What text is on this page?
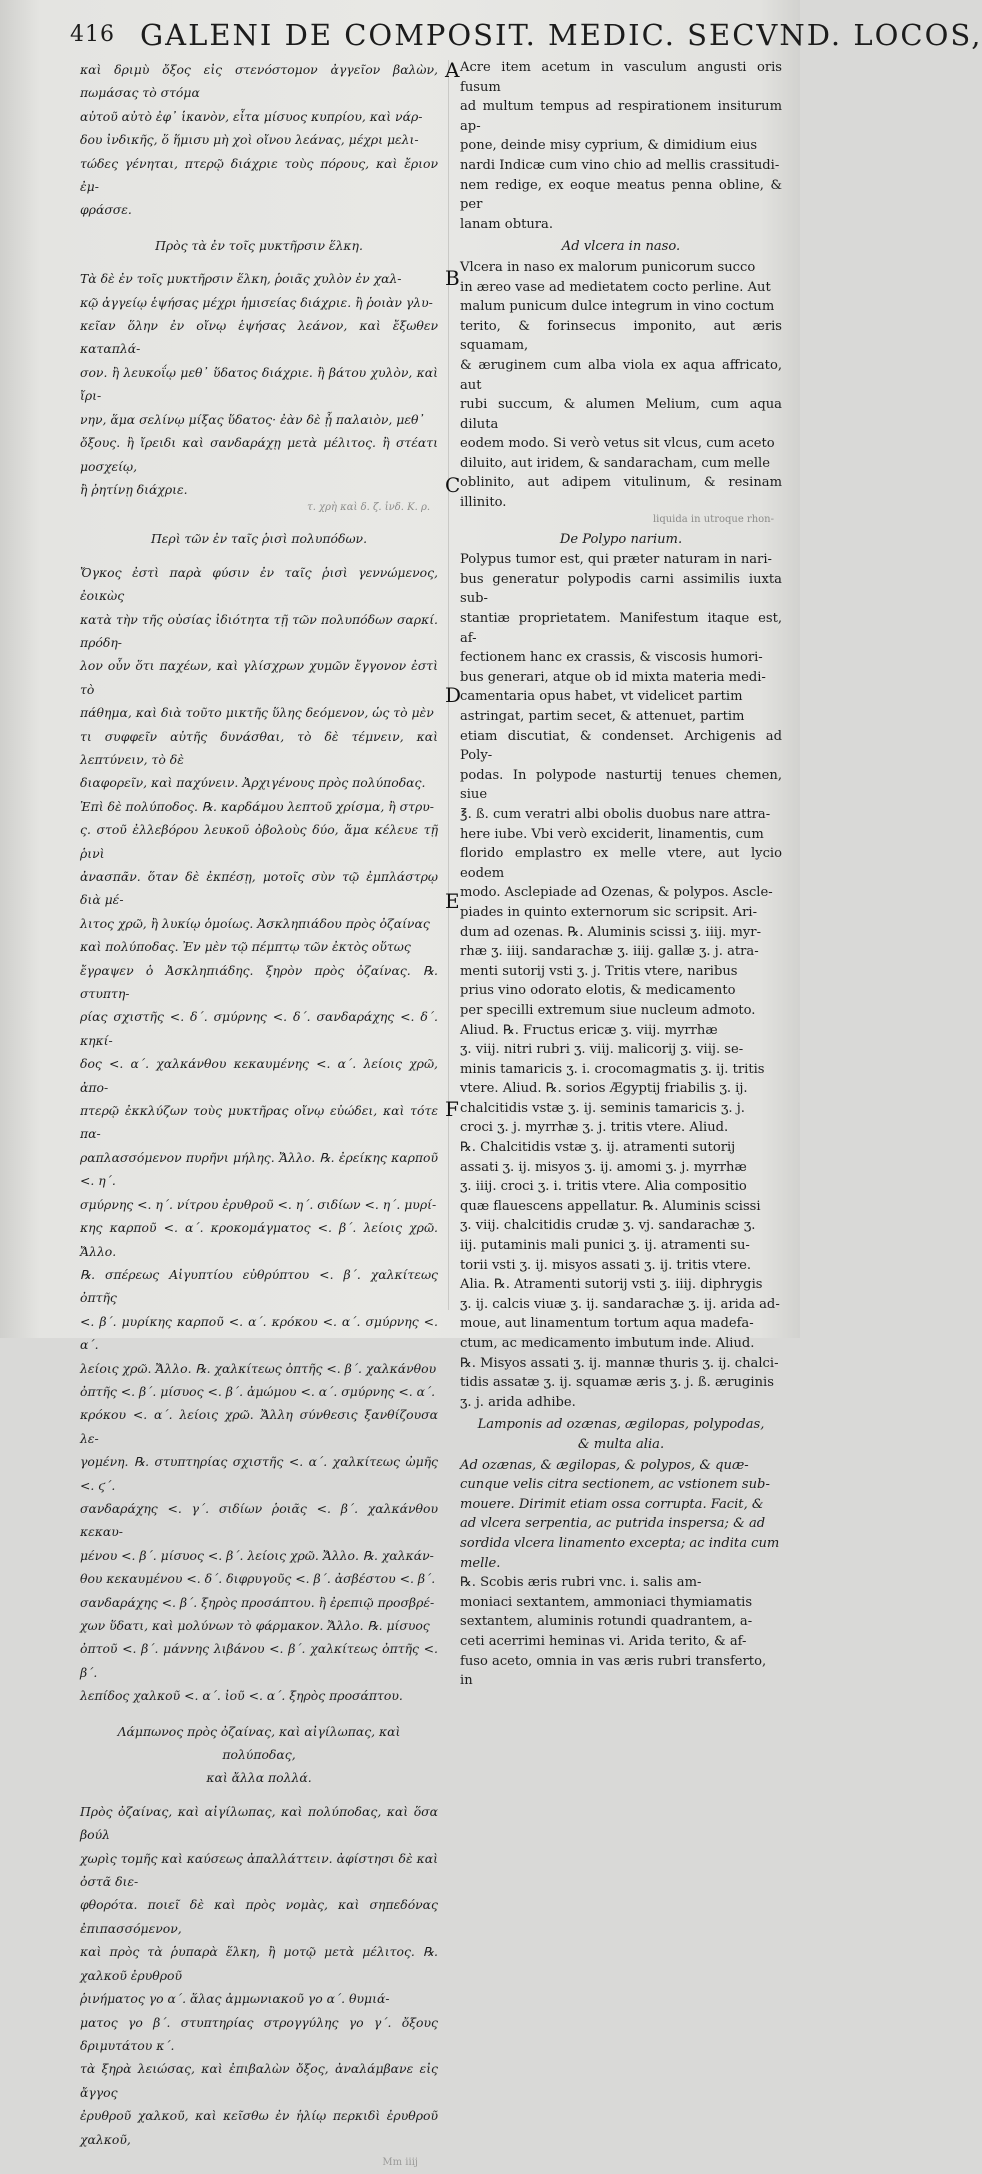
416 GALENI DE COMPOSIT. MEDIC. SECVND. LOCOS,
A
B
C
D
E
F

καὶ δριμὺ ὄξος εἰς στενόστομον ἀγγεῖον βαλὼν, πωμάσας τὸ στόμα

αὐτοῦ αὐτὸ ἐφ᾽ ἱκανὸν, εἶτα μίσυος κυπρίου, καὶ νάρ-

δου ἰνδικῆς, ὅ ἥμισυ μὴ χοὶ οἴνου λεάνας, μέχρι μελι-

τώδες γένηται, πτερῷ διάχριε τοὺς πόρους, καὶ ἔριον ἐμ-

φράσσε.

Πρὸς τὰ ἐν τοῖς μυκτῆρσιν ἕλκη.

Τὰ δὲ ἐν τοῖς μυκτῆρσιν ἕλκη, ῥοιᾶς χυλὸν ἐν χαλ-

κῷ ἀγγείῳ ἑψήσας μέχρι ἡμισείας διάχριε. ἢ ῥοιὰν γλυ-

κεῖαν ὅλην ἐν οἴνῳ ἑψήσας λεάνον, καὶ ἔξωθεν καταπλά-

σον. ἢ λευκοΐῳ μεθ᾽ ὕδατος διάχριε. ἢ βάτου χυλὸν, καὶ ἴρι-

νην, ἅμα σελίνῳ μίξας ὕδατος· ἐὰν δὲ ᾖ παλαιὸν, μεθ᾽

ὄξους. ἢ ἴρειδι καὶ σανδαράχῃ μετὰ μέλιτος. ἢ στέατι μοσχείῳ,

ἢ ῥητίνῃ διάχριε.

τ. χρὴ καὶ δ. ζ. ἰνδ. Κ. ρ.

Περὶ τῶν ἐν ταῖς ῥισὶ πολυπόδων.

Ὄγκος ἐστὶ παρὰ φύσιν ἐν ταῖς ῥισὶ γεννώμενος, ἐοικὼς

κατὰ τὴν τῆς οὐσίας ἰδιότητα τῇ τῶν πολυπόδων σαρκί. πρόδη-

λον οὖν ὅτι παχέων, καὶ γλίσχρων χυμῶν ἔγγονον ἐστὶ τὸ

πάθημα, καὶ διὰ τοῦτο μικτῆς ὕλης δεόμενον, ὡς τὸ μὲν

τι συφφεῖν αὐτῆς δυνάσθαι, τὸ δὲ τέμνειν, καὶ λεπτύνειν, τὸ δὲ

διαφορεῖν, καὶ παχύνειν. Ἀρχιγένους πρὸς πολύποδας.

Ἐπὶ δὲ πολύποδος. ℞. καρδάμου λεπτοῦ χρίσμα, ἢ στρυ-

ς. στοῦ ἐλλεβόρου λευκοῦ ὀβολοὺς δύο, ἅμα κέλευε τῇ ῥινὶ

ἀνασπᾶν. ὅταν δὲ ἐκπέσῃ, μοτοῖς σὺν τῷ ἐμπλάστρῳ διὰ μέ-

λιτος χρῶ, ἢ λυκίῳ ὁμοίως. Ἀσκληπιάδου πρὸς ὀζαίνας

καὶ πολύποδας. Ἐν μὲν τῷ πέμπτῳ τῶν ἐκτὸς οὕτως

ἔγραψεν ὁ Ἀσκληπιάδης. ξηρὸν πρὸς ὀζαίνας. ℞. στυπτη-

ρίας σχιστῆς <. δ΄. σμύρνης <. δ΄. σανδαράχης <. δ΄. κηκί-

δος <. α΄. χαλκάνθου κεκαυμένης <. α΄. λείοις χρῶ, ἀπο-

πτερῷ ἐκκλύζων τοὺς μυκτῆρας οἴνῳ εὐώδει, καὶ τότε πα-

ραπλασσόμενον πυρῆνι μήλης. Ἄλλο. ℞. ἐρείκης καρποῦ <. η΄.

σμύρνης <. η΄. νίτρου ἐρυθροῦ <. η΄. σιδίων <. η΄. μυρί-

κης καρποῦ <. α΄. κροκομάγματος <. β΄. λείοις χρῶ. Ἄλλο.

℞. σπέρεως Αἰγυπτίου εὐθρύπτου <. β΄. χαλκίτεως ὀπτῆς

<. β΄. μυρίκης καρποῦ <. α΄. κρόκου <. α΄. σμύρνης <. α΄.

λείοις χρῶ. Ἄλλο. ℞. χαλκίτεως ὀπτῆς <. β΄. χαλκάνθου

ὀπτῆς <. β΄. μίσυος <. β΄. ἀμώμου <. α΄. σμύρνης <. α΄.

κρόκου <. α΄. λείοις χρῶ. Ἄλλη σύνθεσις ξανθίζουσα λε-

γομένη. ℞. στυπτηρίας σχιστῆς <. α΄. χαλκίτεως ὠμῆς <. ϛ΄.

σανδαράχης <. γ΄. σιδίων ῥοιᾶς <. β΄. χαλκάνθου κεκαυ-

μένου <. β΄. μίσυος <. β΄. λείοις χρῶ. Ἄλλο. ℞. χαλκάν-

θου κεκαυμένου <. δ΄. διφρυγοῦς <. β΄. ἀσβέστου <. β΄.

σανδαράχης <. β΄. ξηρὸς προσάπτου. ἢ ἐρεπιῷ προσβρέ-

χων ὕδατι, καὶ μολύνων τὸ φάρμακον. Ἄλλο. ℞. μίσυος

ὀπτοῦ <. β΄. μάννης λιβάνου <. β΄. χαλκίτεως ὀπτῆς <. β΄.

λεπίδος χαλκοῦ <. α΄. ἰοῦ <. α΄. ξηρὸς προσάπτου.

Λάμπωνος πρὸς ὀζαίνας, καὶ αἰγίλωπας, καὶ πολύποδας,

καὶ ἄλλα πολλά.

Πρὸς ὀζαίνας, καὶ αἰγίλωπας, καὶ πολύποδας, καὶ ὅσα βούλ

χωρὶς τομῆς καὶ καύσεως ἀπαλλάττειν. ἀφίστησι δὲ καὶ ὀστᾶ διε-

φθορότα. ποιεῖ δὲ καὶ πρὸς νομὰς, καὶ σηπεδόνας ἐπιπασσόμενον,

καὶ πρὸς τὰ ῥυπαρὰ ἕλκη, ἢ μοτῷ μετὰ μέλιτος. ℞. χαλκοῦ ἐρυθροῦ

ῥινήματος γο α΄. ἅλας ἀμμωνιακοῦ γο α΄. θυμιά-

ματος γο β΄. στυπτηρίας στρογγύλης γο γ΄. ὄξους δριμυτάτου κ΄.

τὰ ξηρὰ λειώσας, καὶ ἐπιβαλὼν ὄξος, ἀναλάμβανε εἰς ἄγγος

ἐρυθροῦ χαλκοῦ, καὶ κεῖσθω ἐν ἡλίῳ περκιδὶ ἐρυθροῦ χαλκοῦ,

Mm iiij

Acre item acetum in vasculum angusti oris fusum

ad multum tempus ad respirationem insiturum ap-

pone, deinde misy cyprium, & dimidium eius

nardi Indicæ cum vino chio ad mellis crassitudi-

nem redige, ex eoque meatus penna obline, & per

lanam obtura.

Ad vlcera in naso.

Vlcera in naso ex malorum punicorum succo

in æreo vase ad medietatem cocto perline. Aut

malum punicum dulce integrum in vino coctum

terito, & forinsecus imponito, aut æris squamam,

& æruginem cum alba viola ex aqua affricato, aut

rubi succum, & alumen Melium, cum aqua diluta

eodem modo. Si verò vetus sit vlcus, cum aceto

diluito, aut iridem, & sandaracham, cum melle

oblinito, aut adipem vitulinum, & resinam illinito.

liquida in utroque rhon-

De Polypo narium.

Polypus tumor est, qui præter naturam in nari-

bus generatur polypodis carni assimilis iuxta sub-

stantiæ proprietatem. Manifestum itaque est, af-

fectionem hanc ex crassis, & viscosis humori-

bus generari, atque ob id mixta materia medi-

camentaria opus habet, vt videlicet partim

astringat, partim secet, & attenuet, partim

etiam discutiat, & condenset. Archigenis ad Poly-

podas. In polypode nasturtij tenues chemen, siue

℥. ß. cum veratri albi obolis duobus nare attra-

here iube. Vbi verò exciderit, linamentis, cum

florido emplastro ex melle vtere, aut lycio eodem

modo. Asclepiade ad Ozenas, & polypos. Ascle-

piades in quinto externorum sic scripsit. Ari-

dum ad ozenas. ℞. Aluminis scissi ʒ. iiij. myr-

rhæ ʒ. iiij. sandarachæ ʒ. iiij. gallæ ʒ. j. atra-

menti sutorij vsti ʒ. j. Tritis vtere, naribus

prius vino odorato elotis, & medicamento

per specilli extremum siue nucleum admoto.

Aliud. ℞. Fructus ericæ ʒ. viij. myrrhæ

ʒ. viij. nitri rubri ʒ. viij. malicorij ʒ. viij. se-

minis tamaricis ʒ. i. crocomagmatis ʒ. ij. tritis

vtere. Aliud. ℞. sorios Ægyptij friabilis ʒ. ij.

chalcitidis vstæ ʒ. ij. seminis tamaricis ʒ. j.

croci ʒ. j. myrrhæ ʒ. j. tritis vtere. Aliud.

℞. Chalcitidis vstæ ʒ. ij. atramenti sutorij

assati ʒ. ij. misyos ʒ. ij. amomi ʒ. j. myrrhæ

ʒ. iiij. croci ʒ. i. tritis vtere. Alia compositio

quæ flauescens appellatur. ℞. Aluminis scissi

ʒ. viij. chalcitidis crudæ ʒ. vj. sandarachæ ʒ.

iij. putaminis mali punici ʒ. ij. atramenti su-

torii vsti ʒ. ij. misyos assati ʒ. ij. tritis vtere.

Alia. ℞. Atramenti sutorij vsti ʒ. iiij. diphrygis

ʒ. ij. calcis viuæ ʒ. ij. sandarachæ ʒ. ij. arida ad-

moue, aut linamentum tortum aqua madefa-

ctum, ac medicamento imbutum inde. Aliud.

℞. Misyos assati ʒ. ij. mannæ thuris ʒ. ij. chalci-

tidis assatæ ʒ. ij. squamæ æris ʒ. j. ß. æruginis

ʒ. j. arida adhibe.

Lamponis ad ozænas, ægilopas, polypodas,

& multa alia.

Ad ozænas, & ægilopas, & polypos, & quæ-

cunque velis citra sectionem, ac vstionem sub-

mouere. Dirimit etiam ossa corrupta. Facit, &

ad vlcera serpentia, ac putrida inspersa; & ad

sordida vlcera linamento excepta; ac indita cum

melle.

℞. Scobis æris rubri vnc. i. salis am-

moniaci sextantem, ammoniaci thymiamatis

sextantem, aluminis rotundi quadrantem, a-

ceti acerrimi heminas vi. Arida terito, & af-

fuso aceto, omnia in vas æris rubri transferto,

in
